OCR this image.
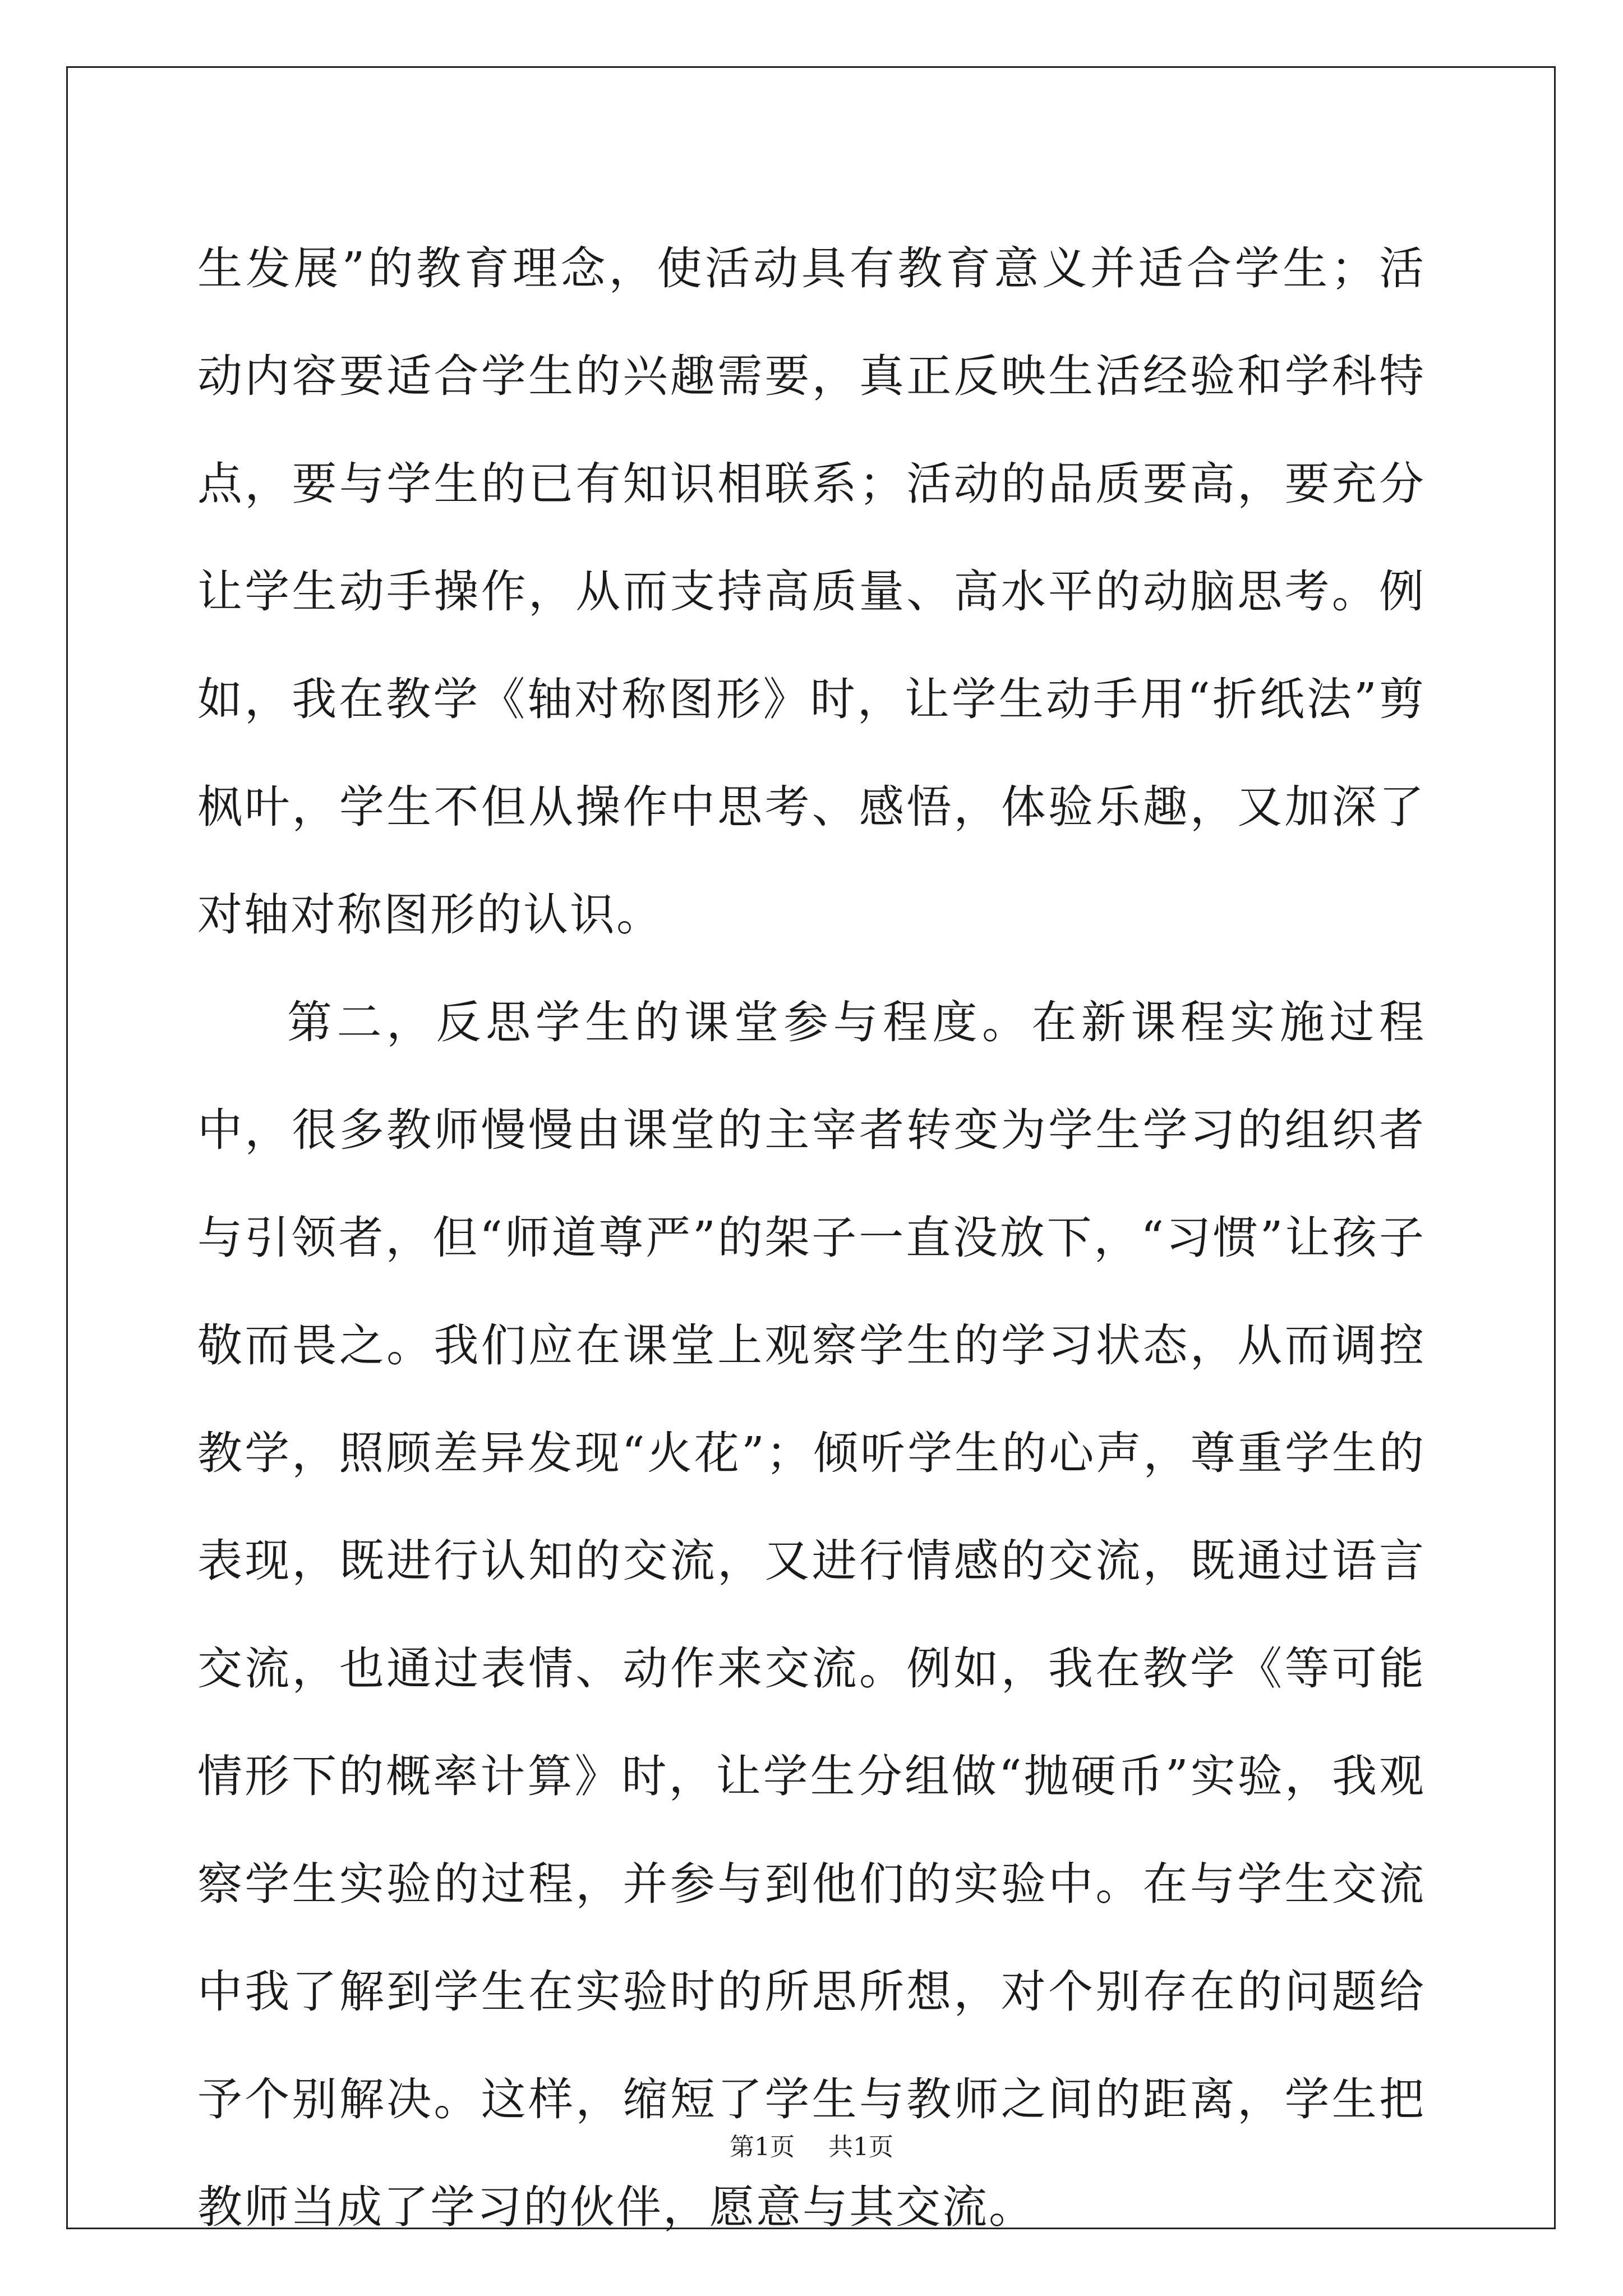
生发展”的教育理念，使活动具有教育意义并适合学生；活动内容要适合学生的兴趣需要，真正反映生活经验和学科特点，要与学生的已有知识相联系；活动的品质要高，要充分让学生动手操作，从而支持高质量、高水平的动脑思考。例如，我在教学《轴对称图形》时，让学生动手用“折纸法”剪枫叶，学生不但从操作中思考、感悟，体验乐趣，又加深了对轴对称图形的认识。

第二，反思学生的课堂参与程度。在新课程实施过程中，很多教师慢慢由课堂的主宰者转变为学生学习的组织者与引领者，但“师道尊严”的架子一直没放下，“习惯”让孩子敬而畏之。我们应在课堂上观察学生的学习状态，从而调控教学，照顾差异发现“火花”；倾听学生的心声，尊重学生的表现，既进行认知的交流，又进行情感的交流，既通过语言交流，也通过表情、动作来交流。例如，我在教学《等可能情形下的概率计算》时，让学生分组做“抛硬币”实验，我观察学生实验的过程，并参与到他们的实验中。在与学生交流中我了解到学生在实验时的所思所想，对个别存在的问题给予个别解决。这样，缩短了学生与教师之间的距离，学生把教师当成了学习的伙伴，愿意与其交流。

第1页 共1页
